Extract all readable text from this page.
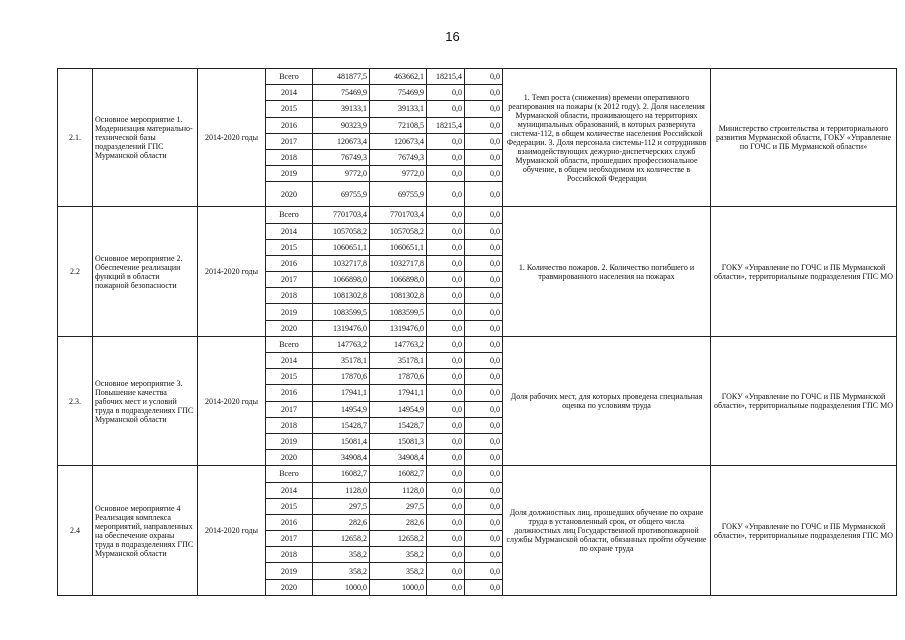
16
2.1.	Основное мероприятие 1. Модернизация материально-технической базы подразделений ГПС Мурманской области	2014-2020 годы	Всего	481877,5	463662,1	18215,4	0,0	1. Темп роста (снижения) времени оперативного реагирования на пожары (к 2012 году). 2. Доля населения Мурманской области, проживающего на территориях муниципальных образований, в которых развернута система-112, в общем количестве населения Российской Федерации. 3. Доля персонала системы-112 и сотрудников взаимодействующих дежурно-диспетчерских служб Мурманской области, прошедших профессиональное обучение, в общем необходимом их количестве в Российской Федерации	Министерство строительства и территориального развития Мурманской области, ГОКУ «Управление по ГОЧС и ПБ Мурманской области»
			2014	75469,9	75469,9	0,0	0,0		
			2015	39133,1	39133,1	0,0	0,0		
			2016	90323,9	72108,5	18215,4	0,0		
			2017	120673,4	120673,4	0,0	0,0		
			2018	76749,3	76749,3	0,0	0,0		
			2019	9772,0	9772,0	0,0	0,0		
			2020	69755,9	69755,9	0,0	0,0		
2.2	Основное мероприятие 2. Обеспечение реализации функций в области пожарной безопасности	2014-2020 годы	Всего	7701703,4	7701703,4	0,0	0,0	1. Количество пожаров. 2. Количество погибшего и травмированного населения на пожарах	ГОКУ «Управление по ГОЧС и ПБ Мурманской области», территориальные подразделения ГПС МО
			2014	1057058,2	1057058,2	0,0	0,0		
			2015	1060651,1	1060651,1	0,0	0,0		
			2016	1032717,8	1032717,8	0,0	0,0		
			2017	1066898,0	1066898,0	0,0	0,0		
			2018	1081302,8	1081302,8	0,0	0,0		
			2019	1083599,5	1083599,5	0,0	0,0		
			2020	1319476,0	1319476,0	0,0	0,0		
2.3.	Основное мероприятие 3. Повышение качества рабочих мест и условий труда в подразделениях ГПС Мурманской области	2014-2020 годы	Всего	147763,2	147763,2	0,0	0,0	Доля рабочих мест, для которых проведена специальная оценка по условиям труда	ГОКУ «Управление по ГОЧС и ПБ Мурманской области», территориальные подразделения ГПС МО
			2014	35178,1	35178,1	0,0	0,0		
			2015	17870,6	17870,6	0,0	0,0		
			2016	17941,1	17941,1	0,0	0,0		
			2017	14954,9	14954,9	0,0	0,0		
			2018	15428,7	15428,7	0,0	0,0		
			2019	15081,4	15081,3	0,0	0,0		
			2020	34908,4	34908,4	0,0	0,0		
2.4	Основное мероприятие 4 Реализация комплекса мероприятий, направленных на обеспечение охраны труда в подразделениях ГПС Мурманской области	2014-2020 годы	Всего	16082,7	16082,7	0,0	0,0	Доля должностных лиц, прошедших обучение по охране труда в установленный срок, от общего числа должностных лиц Государственной противопожарной службы Мурманской области, обязанных пройти обучение по охране труда	ГОКУ «Управление по ГОЧС и ПБ Мурманской области», территориальные подразделения ГПС МО
			2014	1128,0	1128,0	0,0	0,0		
			2015	297,5	297,5	0,0	0,0		
			2016	282,6	282,6	0,0	0,0		
			2017	12658,2	12658,2	0,0	0,0		
			2018	358,2	358,2	0,0	0,0		
			2019	358,2	358,2	0,0	0,0		
			2020	1000,0	1000,0	0,0	0,0		
